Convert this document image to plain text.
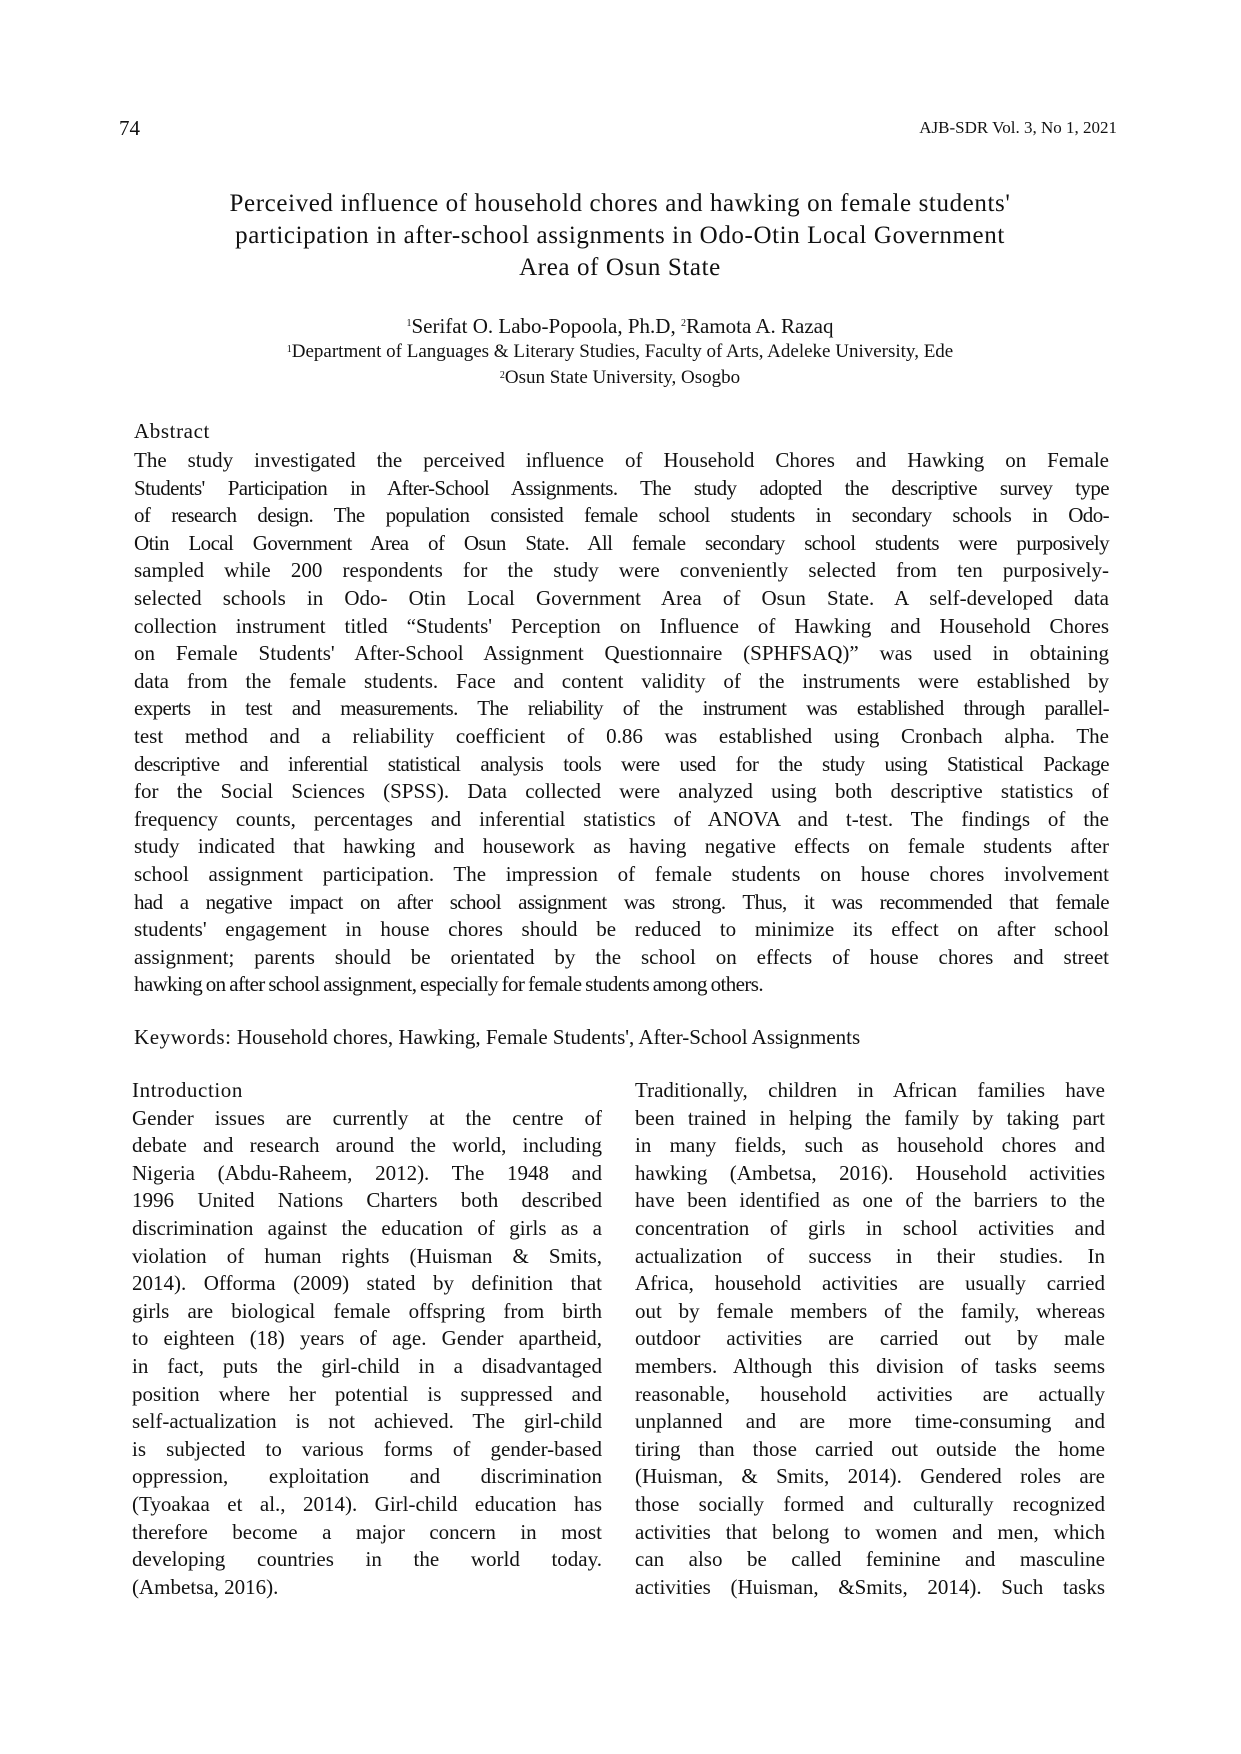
74	AJB-SDR Vol. 3, No 1, 2021
Perceived influence of household chores and hawking on female students'
participation in after-school assignments in Odo-Otin Local Government
Area of Osun State
$^1$Serifat O. Labo-Popoola, Ph.D, $^2$Ramota A. Razaq
$^1$Department of Languages & Literary Studies, Faculty of Arts, Adeleke University, Ede
$^2$Osun State University, Osogbo
Abstract
The study investigated the perceived influence of Household Chores and Hawking on Female
Students' Participation in After-School Assignments. The study adopted the descriptive survey type
of research design. The population consisted female school students in secondary schools in Odo-
Otin Local Government Area of Osun State. All female secondary school students were purposively
sampled while 200 respondents for the study were conveniently selected from ten purposively-
selected schools in Odo- Otin Local Government Area of Osun State. A self-developed data
collection instrument titled “Students' Perception on Influence of Hawking and Household Chores
on Female Students' After-School Assignment Questionnaire (SPHFSAQ)” was used in obtaining
data from the female students. Face and content validity of the instruments were established by
experts in test and measurements. The reliability of the instrument was established through parallel-
test method and a reliability coefficient of 0.86 was established using Cronbach alpha. The
descriptive and inferential statistical analysis tools were used for the study using Statistical Package
for the Social Sciences (SPSS). Data collected were analyzed using both descriptive statistics of
frequency counts, percentages and inferential statistics of ANOVA and t-test. The findings of the
study indicated that hawking and housework as having negative effects on female students after
school assignment participation. The impression of female students on house chores involvement
had a negative impact on after school assignment was strong. Thus, it was recommended that female
students' engagement in house chores should be reduced to minimize its effect on after school
assignment; parents should be orientated by the school on effects of house chores and street
hawking on after school assignment, especially for female students among others.
Keywords: Household chores, Hawking, Female Students', After-School Assignments
Introduction
Gender issues are currently at the centre of
debate and research around the world, including
Nigeria (Abdu-Raheem, 2012). The 1948 and
1996 United Nations Charters both described
discrimination against the education of girls as a
violation of human rights (Huisman & Smits,
2014). Offorma (2009) stated by definition that
girls are biological female offspring from birth
to eighteen (18) years of age. Gender apartheid,
in fact, puts the girl-child in a disadvantaged
position where her potential is suppressed and
self-actualization is not achieved. The girl-child
is subjected to various forms of gender-based
oppression, exploitation and discrimination
(Tyoakaa et al., 2014). Girl-child education has
therefore become a major concern in most
developing countries in the world today.
(Ambetsa, 2016).
Traditionally, children in African families have
been trained in helping the family by taking part
in many fields, such as household chores and
hawking (Ambetsa, 2016). Household activities
have been identified as one of the barriers to the
concentration of girls in school activities and
actualization of success in their studies. In
Africa, household activities are usually carried
out by female members of the family, whereas
outdoor activities are carried out by male
members. Although this division of tasks seems
reasonable, household activities are actually
unplanned and are more time-consuming and
tiring than those carried out outside the home
(Huisman, & Smits, 2014). Gendered roles are
those socially formed and culturally recognized
activities that belong to women and men, which
can also be called feminine and masculine
activities (Huisman, &Smits, 2014). Such tasks
